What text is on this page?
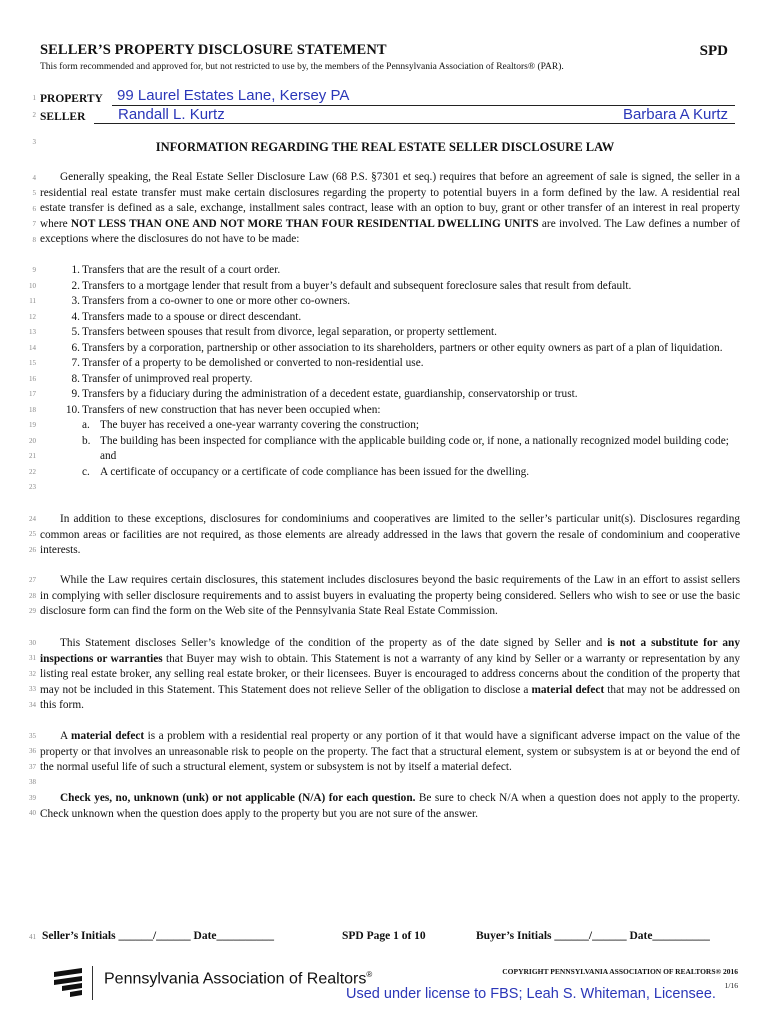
SELLER’S PROPERTY DISCLOSURE STATEMENT	SPD
This form recommended and approved for, but not restricted to use by, the members of the Pennsylvania Association of Realtors® (PAR).
1
2
3
4
5
6
7
8
9
10
11
12
13
14
15
16
17
18
19
20
21
22
23
24
25
26
27
28
29
30
31
32
33
34
35
36
37
38
39
40
41
PROPERTY 99 Laurel Estates Lane, Kersey PA
SELLER Randall L. Kurtz	Barbara A Kurtz
INFORMATION REGARDING THE REAL ESTATE SELLER DISCLOSURE LAW
Generally speaking, the Real Estate Seller Disclosure Law (68 P.S. §7301 et seq.) requires that before an agreement of sale is signed, the seller in a residential real estate transfer must make certain disclosures regarding the property to potential buyers in a form defined by the law. A residential real estate transfer is defined as a sale, exchange, installment sales contract, lease with an option to buy, grant or other transfer of an interest in real property where NOT LESS THAN ONE AND NOT MORE THAN FOUR RESIDENTIAL DWELLING UNITS are involved. The Law defines a number of exceptions where the disclosures do not have to be made:
1. Transfers that are the result of a court order.
2. Transfers to a mortgage lender that result from a buyer’s default and subsequent foreclosure sales that result from default.
3. Transfers from a co-owner to one or more other co-owners.
4. Transfers made to a spouse or direct descendant.
5. Transfers between spouses that result from divorce, legal separation, or property settlement.
6. Transfers by a corporation, partnership or other association to its shareholders, partners or other equity owners as part of a plan of liquidation.
7. Transfer of a property to be demolished or converted to non-residential use.
8. Transfer of unimproved real property.
9. Transfers by a fiduciary during the administration of a decedent estate, guardianship, conservatorship or trust.
10. Transfers of new construction that has never been occupied when:
a. The buyer has received a one-year warranty covering the construction;
b. The building has been inspected for compliance with the applicable building code or, if none, a nationally recognized model building code; and
c. A certificate of occupancy or a certificate of code compliance has been issued for the dwelling.
In addition to these exceptions, disclosures for condominiums and cooperatives are limited to the seller’s particular unit(s). Disclosures regarding common areas or facilities are not required, as those elements are already addressed in the laws that govern the resale of condominium and cooperative interests.
While the Law requires certain disclosures, this statement includes disclosures beyond the basic requirements of the Law in an effort to assist sellers in complying with seller disclosure requirements and to assist buyers in evaluating the property being considered. Sellers who wish to see or use the basic disclosure form can find the form on the Web site of the Pennsylvania State Real Estate Commission.
This Statement discloses Seller’s knowledge of the condition of the property as of the date signed by Seller and is not a substitute for any inspections or warranties that Buyer may wish to obtain. This Statement is not a warranty of any kind by Seller or a warranty or representation by any listing real estate broker, any selling real estate broker, or their licensees. Buyer is encouraged to address concerns about the condition of the property that may not be included in this Statement. This Statement does not relieve Seller of the obligation to disclose a material defect that may not be addressed on this form.
A material defect is a problem with a residential real property or any portion of it that would have a significant adverse impact on the value of the property or that involves an unreasonable risk to people on the property. The fact that a structural element, system or subsystem is at or beyond the end of the normal useful life of such a structural element, system or subsystem is not by itself a material defect.
Check yes, no, unknown (unk) or not applicable (N/A) for each question. Be sure to check N/A when a question does not apply to the property. Check unknown when the question does apply to the property but you are not sure of the answer.
Seller’s Initials ______/______ Date__________	SPD Page 1 of 10	Buyer’s Initials ______/______ Date__________
Pennsylvania Association of Realtors®	COPYRIGHT PENNSYLVANIA ASSOCIATION OF REALTORS® 2016
1/16
Used under license to FBS; Leah S. Whiteman, Licensee.
